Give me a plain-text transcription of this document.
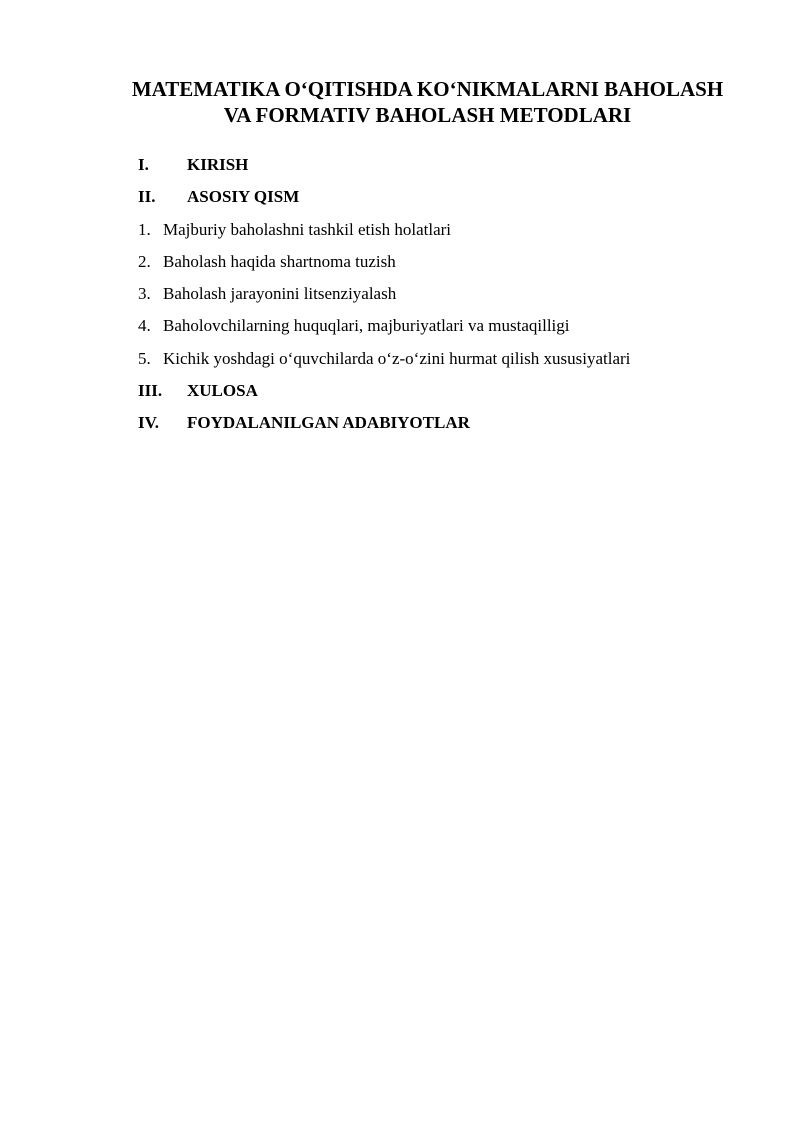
MATEMATIKA O‘QITISHDA KO‘NIKMALARNI BAHOLASH
VA FORMATIV BAHOLASH METODLARI
I. KIRISH
II. ASOSIY QISM
1. Majburiy baholashni tashkil etish holatlari
2. Baholash haqida shartnoma tuzish
3. Baholash jarayonini litsenziyalash
4. Baholovchilarning huquqlari, majburiyatlari va mustaqilligi
5. Kichik yoshdagi o‘quvchilarda o‘z-o‘zini hurmat qilish xususiyatlari
III. XULOSA
IV. FOYDALANILGAN ADABIYOTLAR
